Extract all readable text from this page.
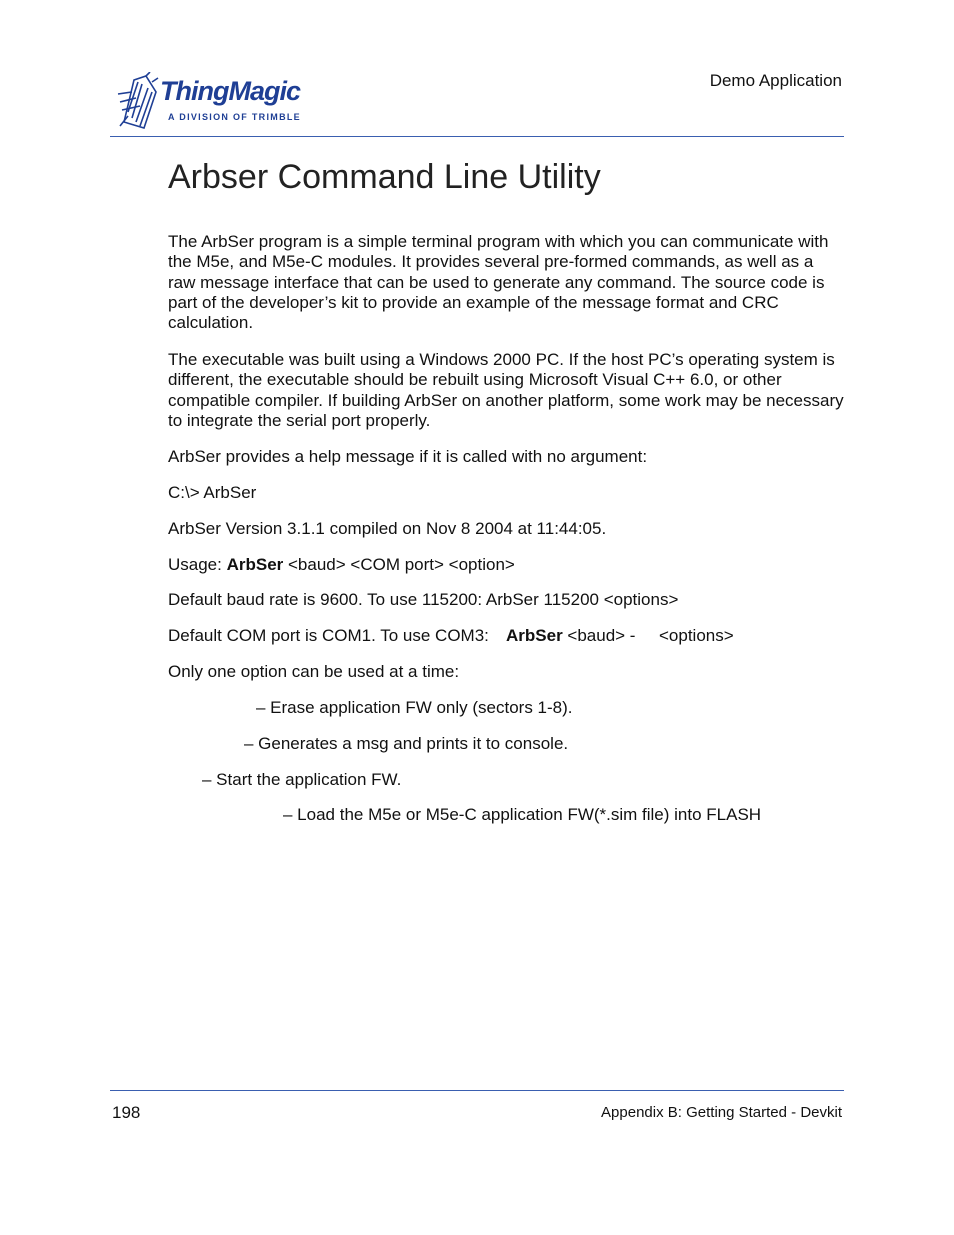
ThingMagic
A DIVISION OF TRIMBLE
Demo Application
Arbser Command Line Utility

The ArbSer program is a simple terminal program with which you can communicate with the M5e, and M5e-C modules. It provides several pre-formed commands, as well as a raw message interface that can be used to generate any command. The source code is part of the developer’s kit to provide an example of the message format and CRC calculation.

The executable was built using a Windows 2000 PC. If the host PC’s operating system is different, the executable should be rebuilt using Microsoft Visual C++ 6.0, or other compatible compiler. If building ArbSer on another platform, some work may be necessary to integrate the serial port properly.

ArbSer provides a help message if it is called with no argument:

C:\> ArbSer

ArbSer Version 3.1.1 compiled on Nov 8 2004 at 11:44:05.

Usage: ArbSer <baud> <COM port> <option>

Default baud rate is 9600. To use 115200: ArbSer 115200 <options>

Default COM port is COM1. To use COM3: ArbSer <baud> - <options>

Only one option can be used at a time:

– Erase application FW only (sectors 1-8).

– Generates a msg and prints it to console.

– Start the application FW.

– Load the M5e or M5e-C application FW(*.sim file) into FLASH

198	Appendix B: Getting Started - Devkit
